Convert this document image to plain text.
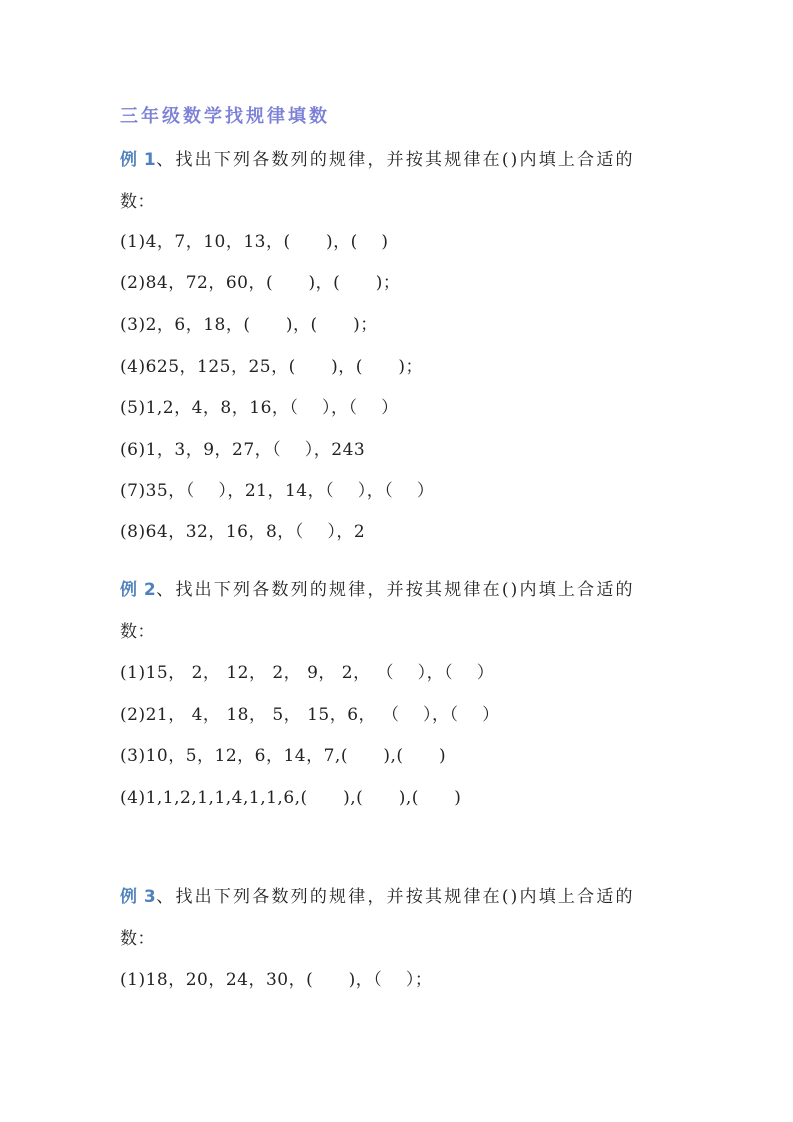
三年级数学找规律填数
例 1、找出下列各数列的规律，并按其规律在()内填上合适的
数：
(1)4，7，10，13，(      )，(    )
(2)84，72，60，(      )，(      )；
(3)2，6，18，(      )，(      )；
(4)625，125，25，(      )，(      )；
(5)1,2，4，8，16，（    ），（    ）
(6)1，3，9，27，（    ），243
(7)35，（    ），21，14，（    ），（    ）
(8)64，32，16，8，（    ），2
例 2、找出下列各数列的规律，并按其规律在()内填上合适的
数：
(1)15， 2， 12， 2， 9， 2， （    ），（    ）
(2)21， 4， 18， 5， 15，6， （    ），（    ）
(3)10，5，12，6，14，7,(      ),(      )
(4)1,1,2,1,1,4,1,1,6,(      ),(      ),(      )
例 3、找出下列各数列的规律，并按其规律在()内填上合适的
数：
(1)18，20，24，30，(      )，（    ）；
